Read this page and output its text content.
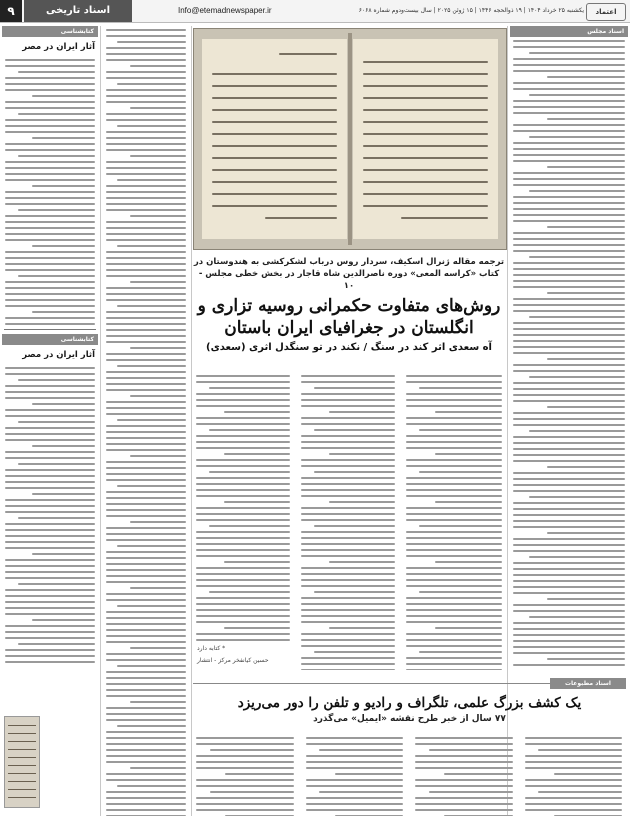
۹	اسناد تاریخی	Info@etemadnewspaper.ir	یکشنبه ۲۵ خرداد ۱۴۰۴ | ۱۹ ذوالحجه ۱۴۴۶ | ۱۵ ژوئن ۲۰۲۵ | سال بیست‌ودوم شماره ۶۰۶۸	اعتماد
کتابشناسی
آثار ایران در مصر
کتابشناسی
آثار ایران در مصر

ترجمه مقاله ژنرال اسکیف، سردار روس درباب لشکرکشی به هندوستان در کتاب «کراسه المعی» دوره ناصرالدین شاه قاجار در بخش خطی مجلس - ۱۰

روش‌های متفاوت حکمرانی روسیه تزاری و انگلستان در جغرافیای ایران باستان

آه سعدی اثر کند در سنگ / نکند در تو سنگدل اثری (سعدی)

* کتابه دارد
حسین کیانفخر مرکز - انتشار
اسناد مجلس
اسناد مطبوعات

یک کشف بزرگ علمی، تلگراف و رادیو و تلفن را دور می‌ریزد

۷۷ سال از خبر طرح نقشه «ایمیل» می‌گذرد
